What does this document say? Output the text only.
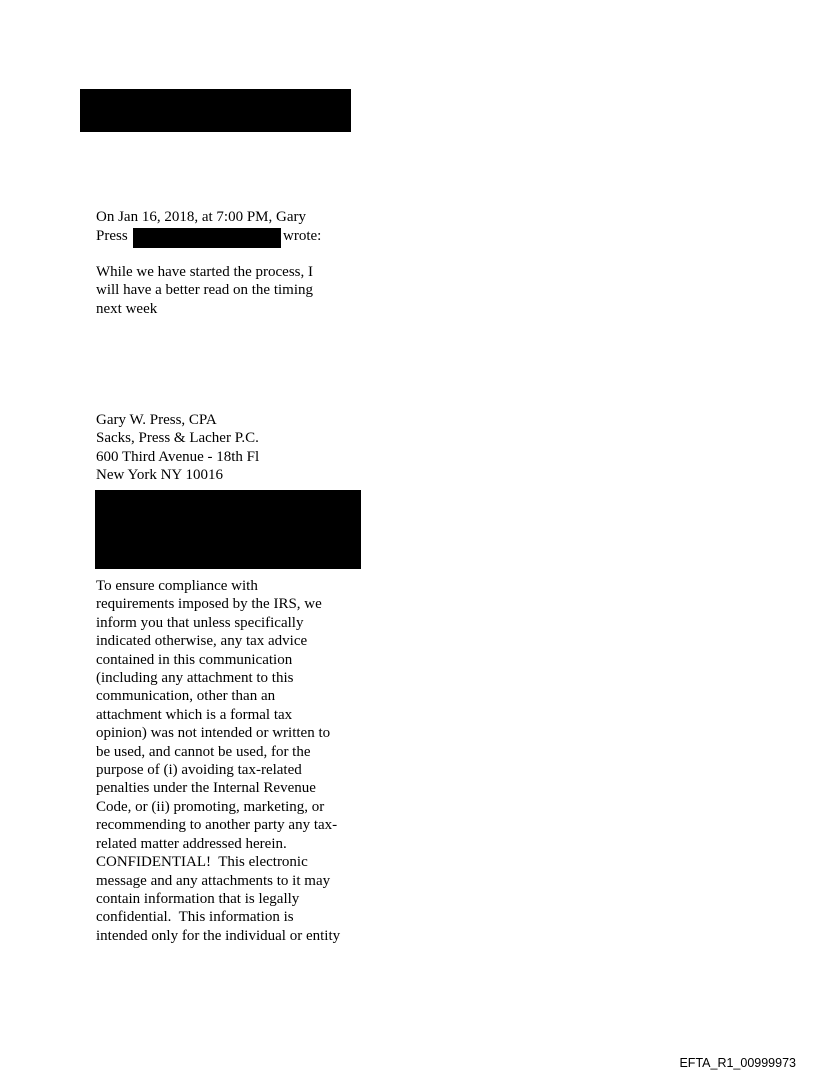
On Jan 16, 2018, at 7:00 PM, Gary
Press	wrote:
While we have started the process, I
will have a better read on the timing
next week
Gary W. Press, CPA
Sacks, Press & Lacher P.C.
600 Third Avenue - 18th Fl
New York NY 10016
To ensure compliance with
requirements imposed by the IRS, we
inform you that unless specifically
indicated otherwise, any tax advice
contained in this communication
(including any attachment to this
communication, other than an
attachment which is a formal tax
opinion) was not intended or written to
be used, and cannot be used, for the
purpose of (i) avoiding tax-related
penalties under the Internal Revenue
Code, or (ii) promoting, marketing, or
recommending to another party any tax-
related matter addressed herein.
CONFIDENTIAL!  This electronic
message and any attachments to it may
contain information that is legally
confidential.  This information is
intended only for the individual or entity
EFTA_R1_00999973
